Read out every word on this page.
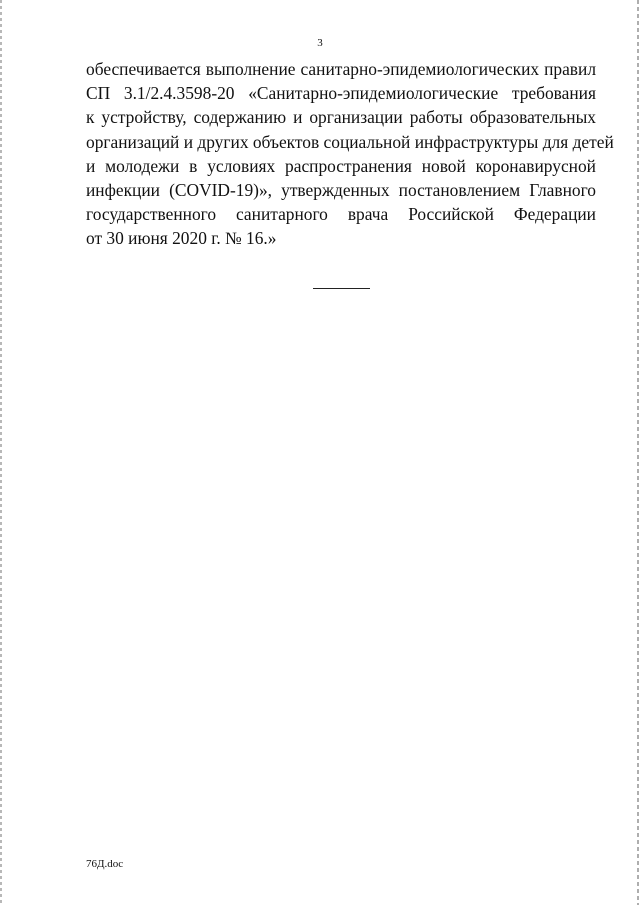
3
обеспечивается выполнение санитарно-эпидемиологических правил
СП 3.1/2.4.3598-20 «Санитарно-эпидемиологические требования
к устройству, содержанию и организации работы образовательных
организаций и других объектов социальной инфраструктуры для детей
и молодежи в условиях распространения новой коронавирусной
инфекции (COVID-19)», утвержденных постановлением Главного
государственного санитарного врача Российской Федерации
от 30 июня 2020 г. № 16.»
76Д.doc
